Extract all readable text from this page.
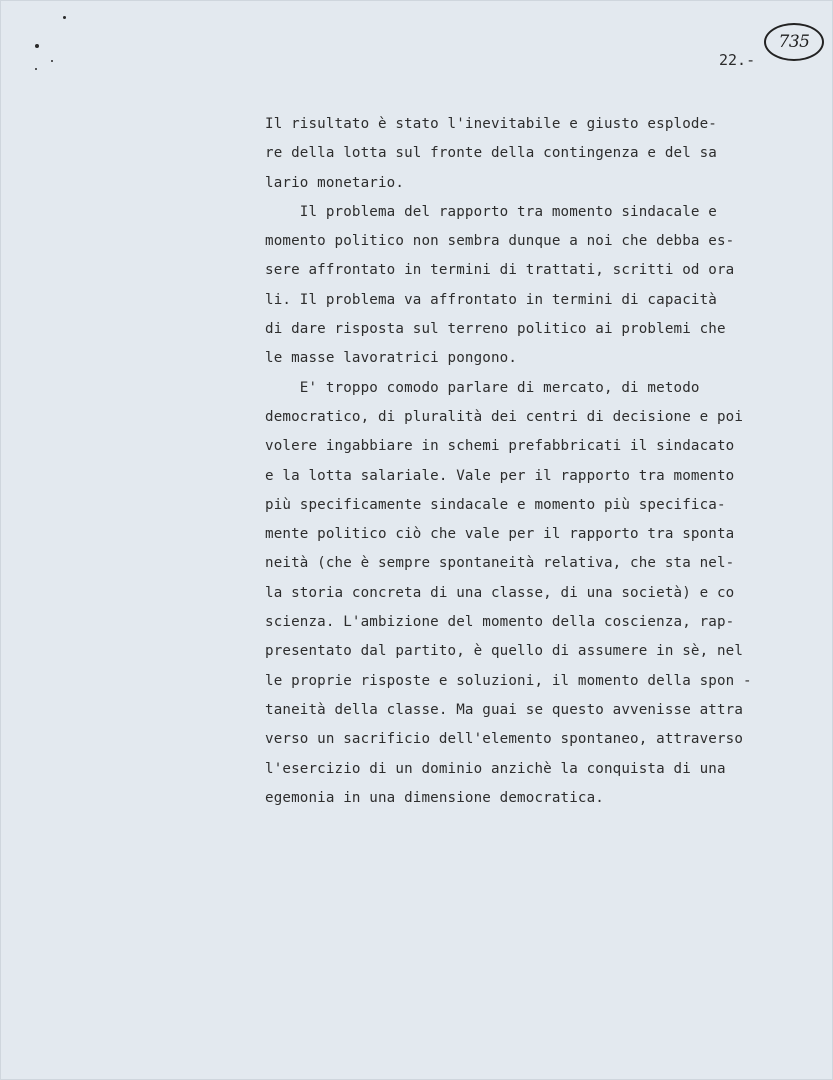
735
22.-
Il risultato è stato l'inevitabile e giusto esplode-
re della lotta sul fronte della contingenza e del sa
lario monetario.
Il problema del rapporto tra momento sindacale e
momento politico non sembra dunque a noi che debba es-
sere affrontato in termini di trattati, scritti od ora
li. Il problema va affrontato in termini di capacità
di dare risposta sul terreno politico ai problemi che
le masse lavoratrici pongono.
E' troppo comodo parlare di mercato, di metodo
democratico, di pluralità dei centri di decisione e poi
volere ingabbiare in schemi prefabbricati il sindacato
e la lotta salariale. Vale per il rapporto tra momento
più specificamente sindacale e momento più specifica-
mente politico ciò che vale per il rapporto tra sponta
neità (che è sempre spontaneità relativa, che sta nel-
la storia concreta di una classe, di una società) e co
scienza. L'ambizione del momento della coscienza, rap-
presentato dal partito, è quello di assumere in sè, nel
le proprie risposte e soluzioni, il momento della spon -
taneità della classe. Ma guai se questo avvenisse attra
verso un sacrificio dell'elemento spontaneo, attraverso
l'esercizio di un dominio anzichè la conquista di una
egemonia in una dimensione democratica.
